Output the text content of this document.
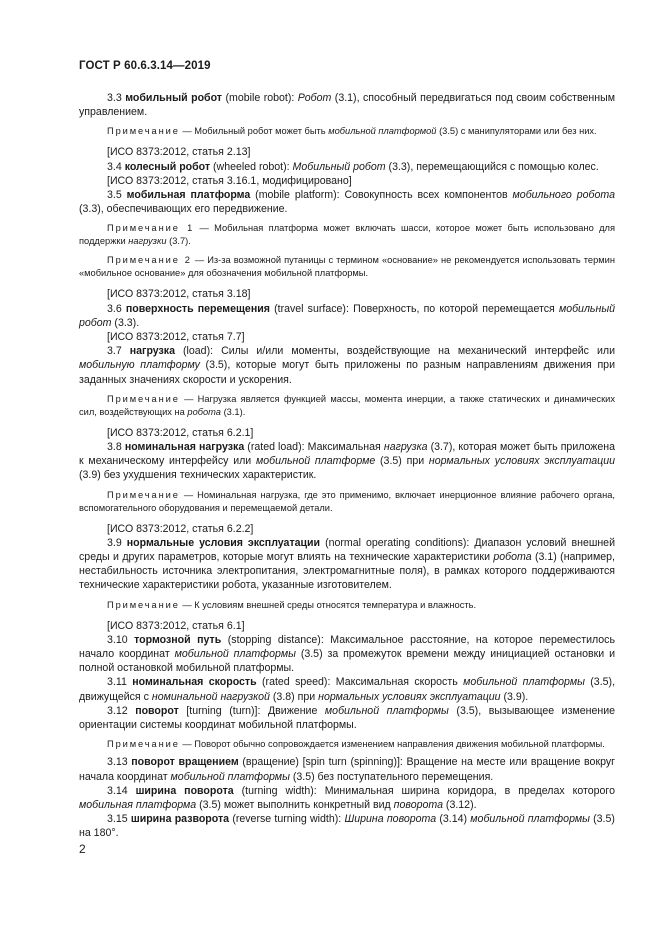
ГОСТ Р 60.6.3.14—2019

3.3 мобильный робот (mobile robot): Робот (3.1), способный передвигаться под своим собственным управлением.

Примечание — Мобильный робот может быть мобильной платформой (3.5) с манипуляторами или без них.

[ИСО 8373:2012, статья 2.13]

3.4 колесный робот (wheeled robot): Мобильный робот (3.3), перемещающийся с помощью колес.

[ИСО 8373:2012, статья 3.16.1, модифицировано]

3.5 мобильная платформа (mobile platform): Совокупность всех компонентов мобильного робота (3.3), обеспечивающих его передвижение.

Примечание 1 — Мобильная платформа может включать шасси, которое может быть использовано для поддержки нагрузки (3.7).

Примечание 2 — Из-за возможной путаницы с термином «основание» не рекомендуется использовать термин «мобильное основание» для обозначения мобильной платформы.

[ИСО 8373:2012, статья 3.18]

3.6 поверхность перемещения (travel surface): Поверхность, по которой перемещается мобильный робот (3.3).

[ИСО 8373:2012, статья 7.7]

3.7 нагрузка (load): Силы и/или моменты, воздействующие на механический интерфейс или мобильную платформу (3.5), которые могут быть приложены по разным направлениям движения при заданных значениях скорости и ускорения.

Примечание — Нагрузка является функцией массы, момента инерции, а также статических и динамических сил, воздействующих на робота (3.1).

[ИСО 8373:2012, статья 6.2.1]

3.8 номинальная нагрузка (rated load): Максимальная нагрузка (3.7), которая может быть приложена к механическому интерфейсу или мобильной платформе (3.5) при нормальных условиях эксплуатации (3.9) без ухудшения технических характеристик.

Примечание — Номинальная нагрузка, где это применимо, включает инерционное влияние рабочего органа, вспомогательного оборудования и перемещаемой детали.

[ИСО 8373:2012, статья 6.2.2]

3.9 нормальные условия эксплуатации (normal operating conditions): Диапазон условий внешней среды и других параметров, которые могут влиять на технические характеристики робота (3.1) (например, нестабильность источника электропитания, электромагнитные поля), в рамках которого поддерживаются технические характеристики робота, указанные изготовителем.

Примечание — К условиям внешней среды относятся температура и влажность.

[ИСО 8373:2012, статья 6.1]

3.10 тормозной путь (stopping distance): Максимальное расстояние, на которое переместилось начало координат мобильной платформы (3.5) за промежуток времени между инициацией остановки и полной остановкой мобильной платформы.

3.11 номинальная скорость (rated speed): Максимальная скорость мобильной платформы (3.5), движущейся с номинальной нагрузкой (3.8) при нормальных условиях эксплуатации (3.9).

3.12 поворот [turning (turn)]: Движение мобильной платформы (3.5), вызывающее изменение ориентации системы координат мобильной платформы.

Примечание — Поворот обычно сопровождается изменением направления движения мобильной платформы.

3.13 поворот вращением (вращение) [spin turn (spinning)]: Вращение на месте или вращение вокруг начала координат мобильной платформы (3.5) без поступательного перемещения.

3.14 ширина поворота (turning width): Минимальная ширина коридора, в пределах которого мобильная платформа (3.5) может выполнить конкретный вид поворота (3.12).

3.15 ширина разворота (reverse turning width): Ширина поворота (3.14) мобильной платформы (3.5) на 180°.

2
